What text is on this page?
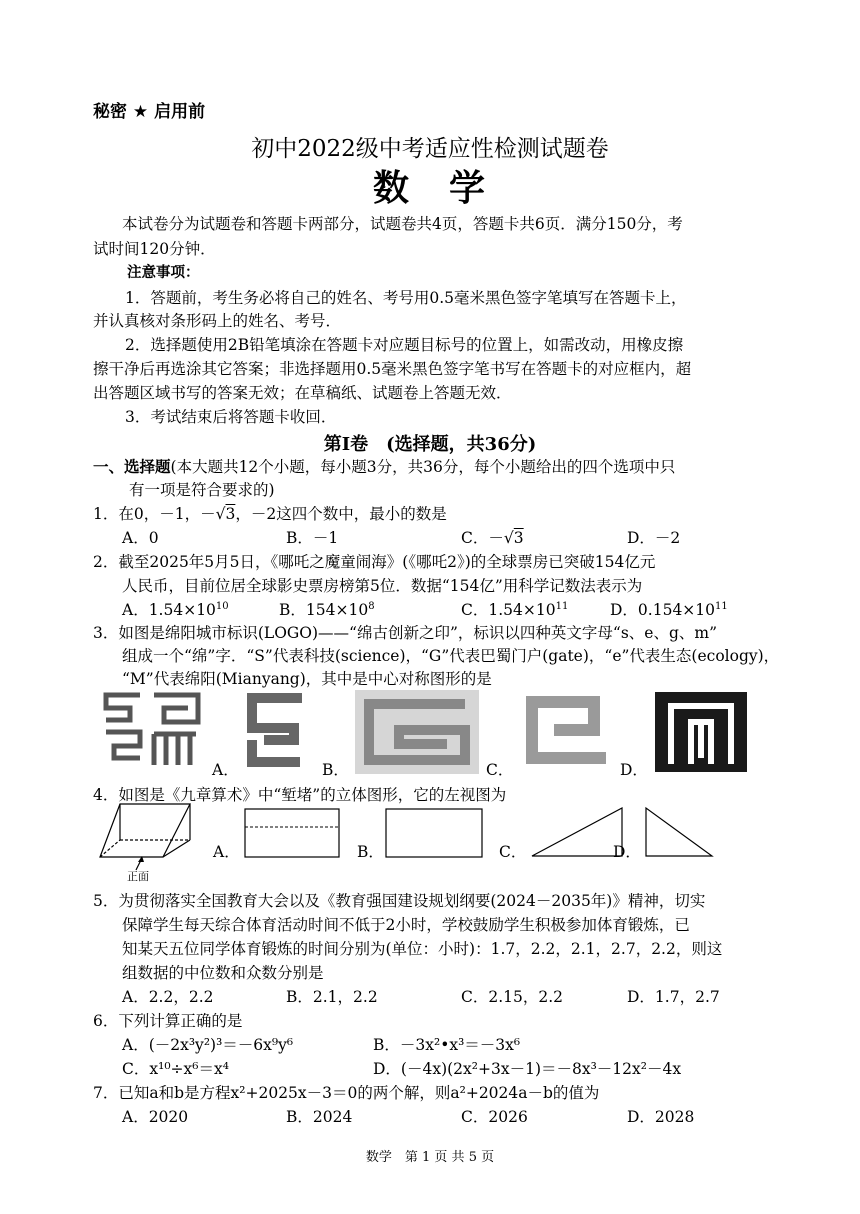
秘密 ★ 启用前
初中2022级中考适应性检测试题卷
数　学
本试卷分为试题卷和答题卡两部分，试题卷共4页，答题卡共6页．满分150分，考
试时间120分钟．
注意事项：
1．答题前，考生务必将自己的姓名、考号用0.5毫米黑色签字笔填写在答题卡上，
并认真核对条形码上的姓名、考号．
2．选择题使用2B铅笔填涂在答题卡对应题目标号的位置上，如需改动，用橡皮擦
擦干净后再选涂其它答案；非选择题用0.5毫米黑色签字笔书写在答题卡的对应框内，超
出答题区域书写的答案无效；在草稿纸、试题卷上答题无效．
3．考试结束后将答题卡收回．
第Ⅰ卷　(选择题，共36分)
一、选择题(本大题共12个小题，每小题3分，共36分，每个小题给出的四个选项中只
有一项是符合要求的)
1．在0，－1，－√3，－2这四个数中，最小的数是
A．0	B．－1	C．－√3	D．－2
2．截至2025年5月5日，《哪吒之魔童闹海》(《哪吒2》)的全球票房已突破154亿元
人民币，目前位居全球影史票房榜第5位．数据“154亿”用科学记数法表示为
A．$1.54\times 10^{10}$	B．$154\times 10^8$	C．$1.54\times 10^{11}$	D．$0.154\times 10^{11}$
3．如图是绵阳城市标识(LOGO)——“绵古创新之印”，标识以四种英文字母“s、e、g、m”
组成一个“绵”字．“S”代表科技(science)，“G”代表巴蜀门户(gate)，“e”代表生态(ecology)，
“M”代表绵阳(Mianyang)，其中是中心对称图形的是
A．	B．	C．	D．
4．如图是《九章算术》中“堑堵”的立体图形，它的左视图为
正面
A．	B．	C．	D．
5．为贯彻落实全国教育大会以及《教育强国建设规划纲要(2024－2035年)》精神，切实
保障学生每天综合体育活动时间不低于2小时，学校鼓励学生积极参加体育锻炼，已
知某天五位同学体育锻炼的时间分别为(单位：小时)：1.7，2.2，2.1，2.7，2.2，则这
组数据的中位数和众数分别是
A．2.2，2.2	B．2.1，2.2	C．2.15，2.2	D．1.7，2.7
6．下列计算正确的是
A．(－2x³y²)³＝－6x⁹y⁶	B．－3x²•x³＝－3x⁶
C．x¹⁰÷x⁶＝x⁴	D．(－4x)(2x²+3x－1)＝－8x³－12x²－4x
7．已知a和b是方程x²+2025x－3＝0的两个解，则a²+2024a－b的值为
A．2020	B．2024	C．2026	D．2028
数学　第 1 页 共 5 页
